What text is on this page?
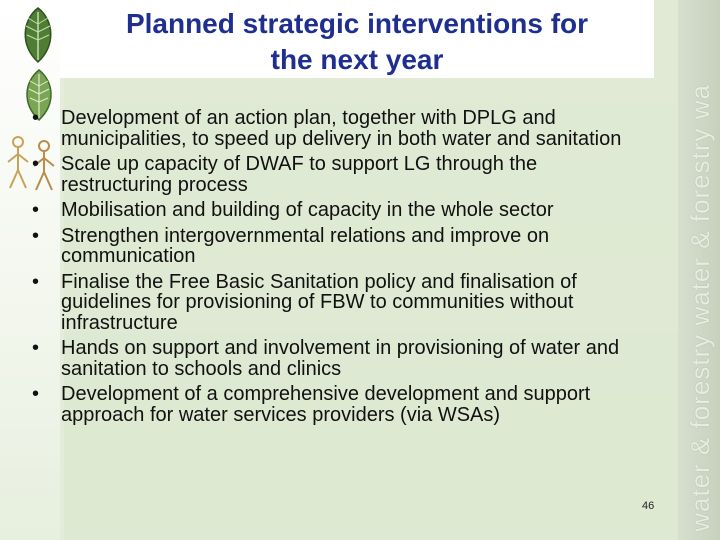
water & forestry water & forestry wa
Planned strategic interventions for
the next year
• Development of an action plan, together with DPLG and municipalities, to speed up delivery in both water and sanitation
• Scale up capacity of DWAF to support LG through the restructuring process
• Mobilisation and building of capacity in the whole sector
• Strengthen intergovernmental relations and improve on communication
• Finalise the Free Basic Sanitation policy and finalisation of guidelines for provisioning of FBW to communities without infrastructure
• Hands on support and involvement in provisioning of water and sanitation to schools and clinics
• Development of a comprehensive development and support approach for water services providers (via WSAs)
46
